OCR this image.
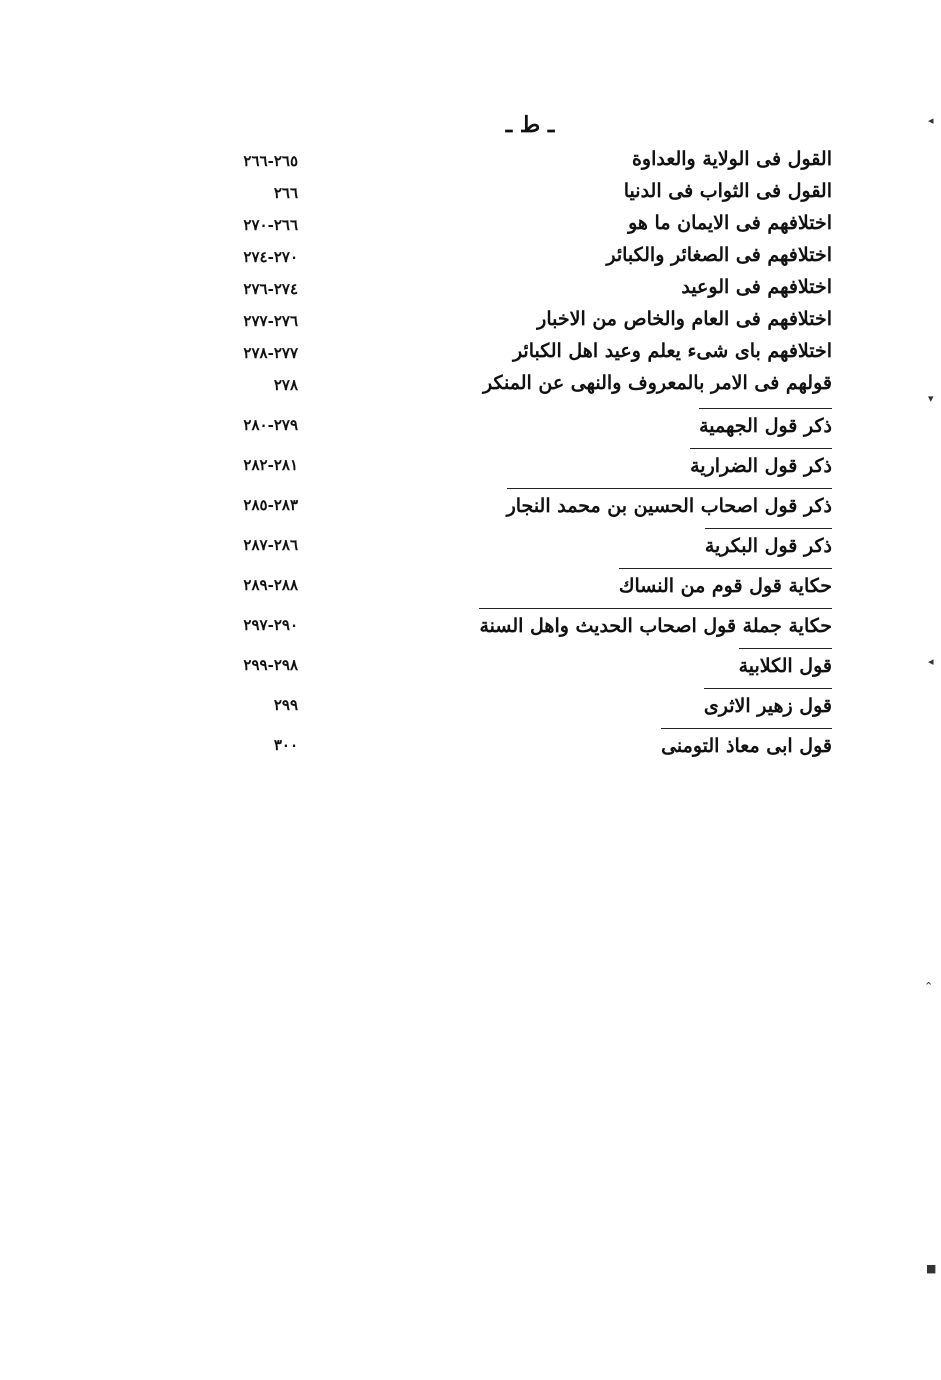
ـ ط ـ
القول فى الولاية والعداوة
٢٦٥-٢٦٦
القول فى الثواب فى الدنيا
٢٦٦
اختلافهم فى الايمان ما هو
٢٦٦-٢٧٠
اختلافهم فى الصغائر والكبائر
٢٧٠-٢٧٤
اختلافهم فى الوعيد
٢٧٤-٢٧٦
اختلافهم فى العام والخاص من الاخبار
٢٧٦-٢٧٧
اختلافهم باى شىء يعلم وعيد اهل الكبائر
٢٧٧-٢٧٨
قولهم فى الامر بالمعروف والنهى عن المنكر
٢٧٨
ذكر قول الجهمية
٢٧٩-٢٨٠
ذكر قول الضرارية
٢٨١-٢٨٢
ذكر قول اصحاب الحسين بن محمد النجار
٢٨٣-٢٨٥
ذكر قول البكرية
٢٨٦-٢٨٧
حكاية قول قوم من النساك
٢٨٨-٢٨٩
حكاية جملة قول اصحاب الحديث واهل السنة
٢٩٠-٢٩٧
قول الكلابية
٢٩٨-٢٩٩
قول زهير الاثرى
٢٩٩
قول ابى معاذ التومنى
٣٠٠
◂
▾
◂
⌃
■
